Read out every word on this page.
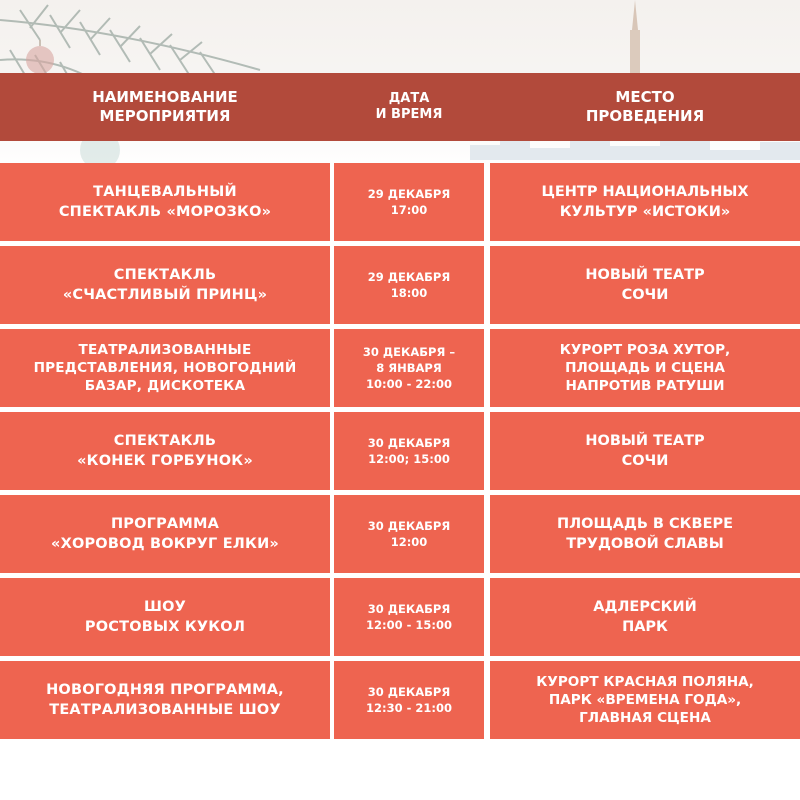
НАИМЕНОВАНИЕ
МЕРОПРИЯТИЯ
ДАТА
И ВРЕМЯ
МЕСТО
ПРОВЕДЕНИЯ
ТАНЦЕВАЛЬНЫЙ
СПЕКТАКЛЬ «МОРОЗКО»
29 ДЕКАБРЯ
17:00
ЦЕНТР НАЦИОНАЛЬНЫХ
КУЛЬТУР «ИСТОКИ»
СПЕКТАКЛЬ
«СЧАСТЛИВЫЙ ПРИНЦ»
29 ДЕКАБРЯ
18:00
НОВЫЙ ТЕАТР
СОЧИ
ТЕАТРАЛИЗОВАННЫЕ
ПРЕДСТАВЛЕНИЯ, НОВОГОДНИЙ
БАЗАР, ДИСКОТЕКА
30 ДЕКАБРЯ –
8 ЯНВАРЯ
10:00 - 22:00
КУРОРТ РОЗА ХУТОР,
ПЛОЩАДЬ И СЦЕНА
НАПРОТИВ РАТУШИ
СПЕКТАКЛЬ
«КОНЕК ГОРБУНОК»
30 ДЕКАБРЯ
12:00; 15:00
НОВЫЙ ТЕАТР
СОЧИ
ПРОГРАММА
«ХОРОВОД ВОКРУГ ЕЛКИ»
30 ДЕКАБРЯ
12:00
ПЛОЩАДЬ В СКВЕРЕ
ТРУДОВОЙ СЛАВЫ
ШОУ
РОСТОВЫХ КУКОЛ
30 ДЕКАБРЯ
12:00 - 15:00
АДЛЕРСКИЙ
ПАРК
НОВОГОДНЯЯ ПРОГРАММА,
ТЕАТРАЛИЗОВАННЫЕ ШОУ
30 ДЕКАБРЯ
12:30 - 21:00
КУРОРТ КРАСНАЯ ПОЛЯНА,
ПАРК «ВРЕМЕНА ГОДА»,
ГЛАВНАЯ СЦЕНА
